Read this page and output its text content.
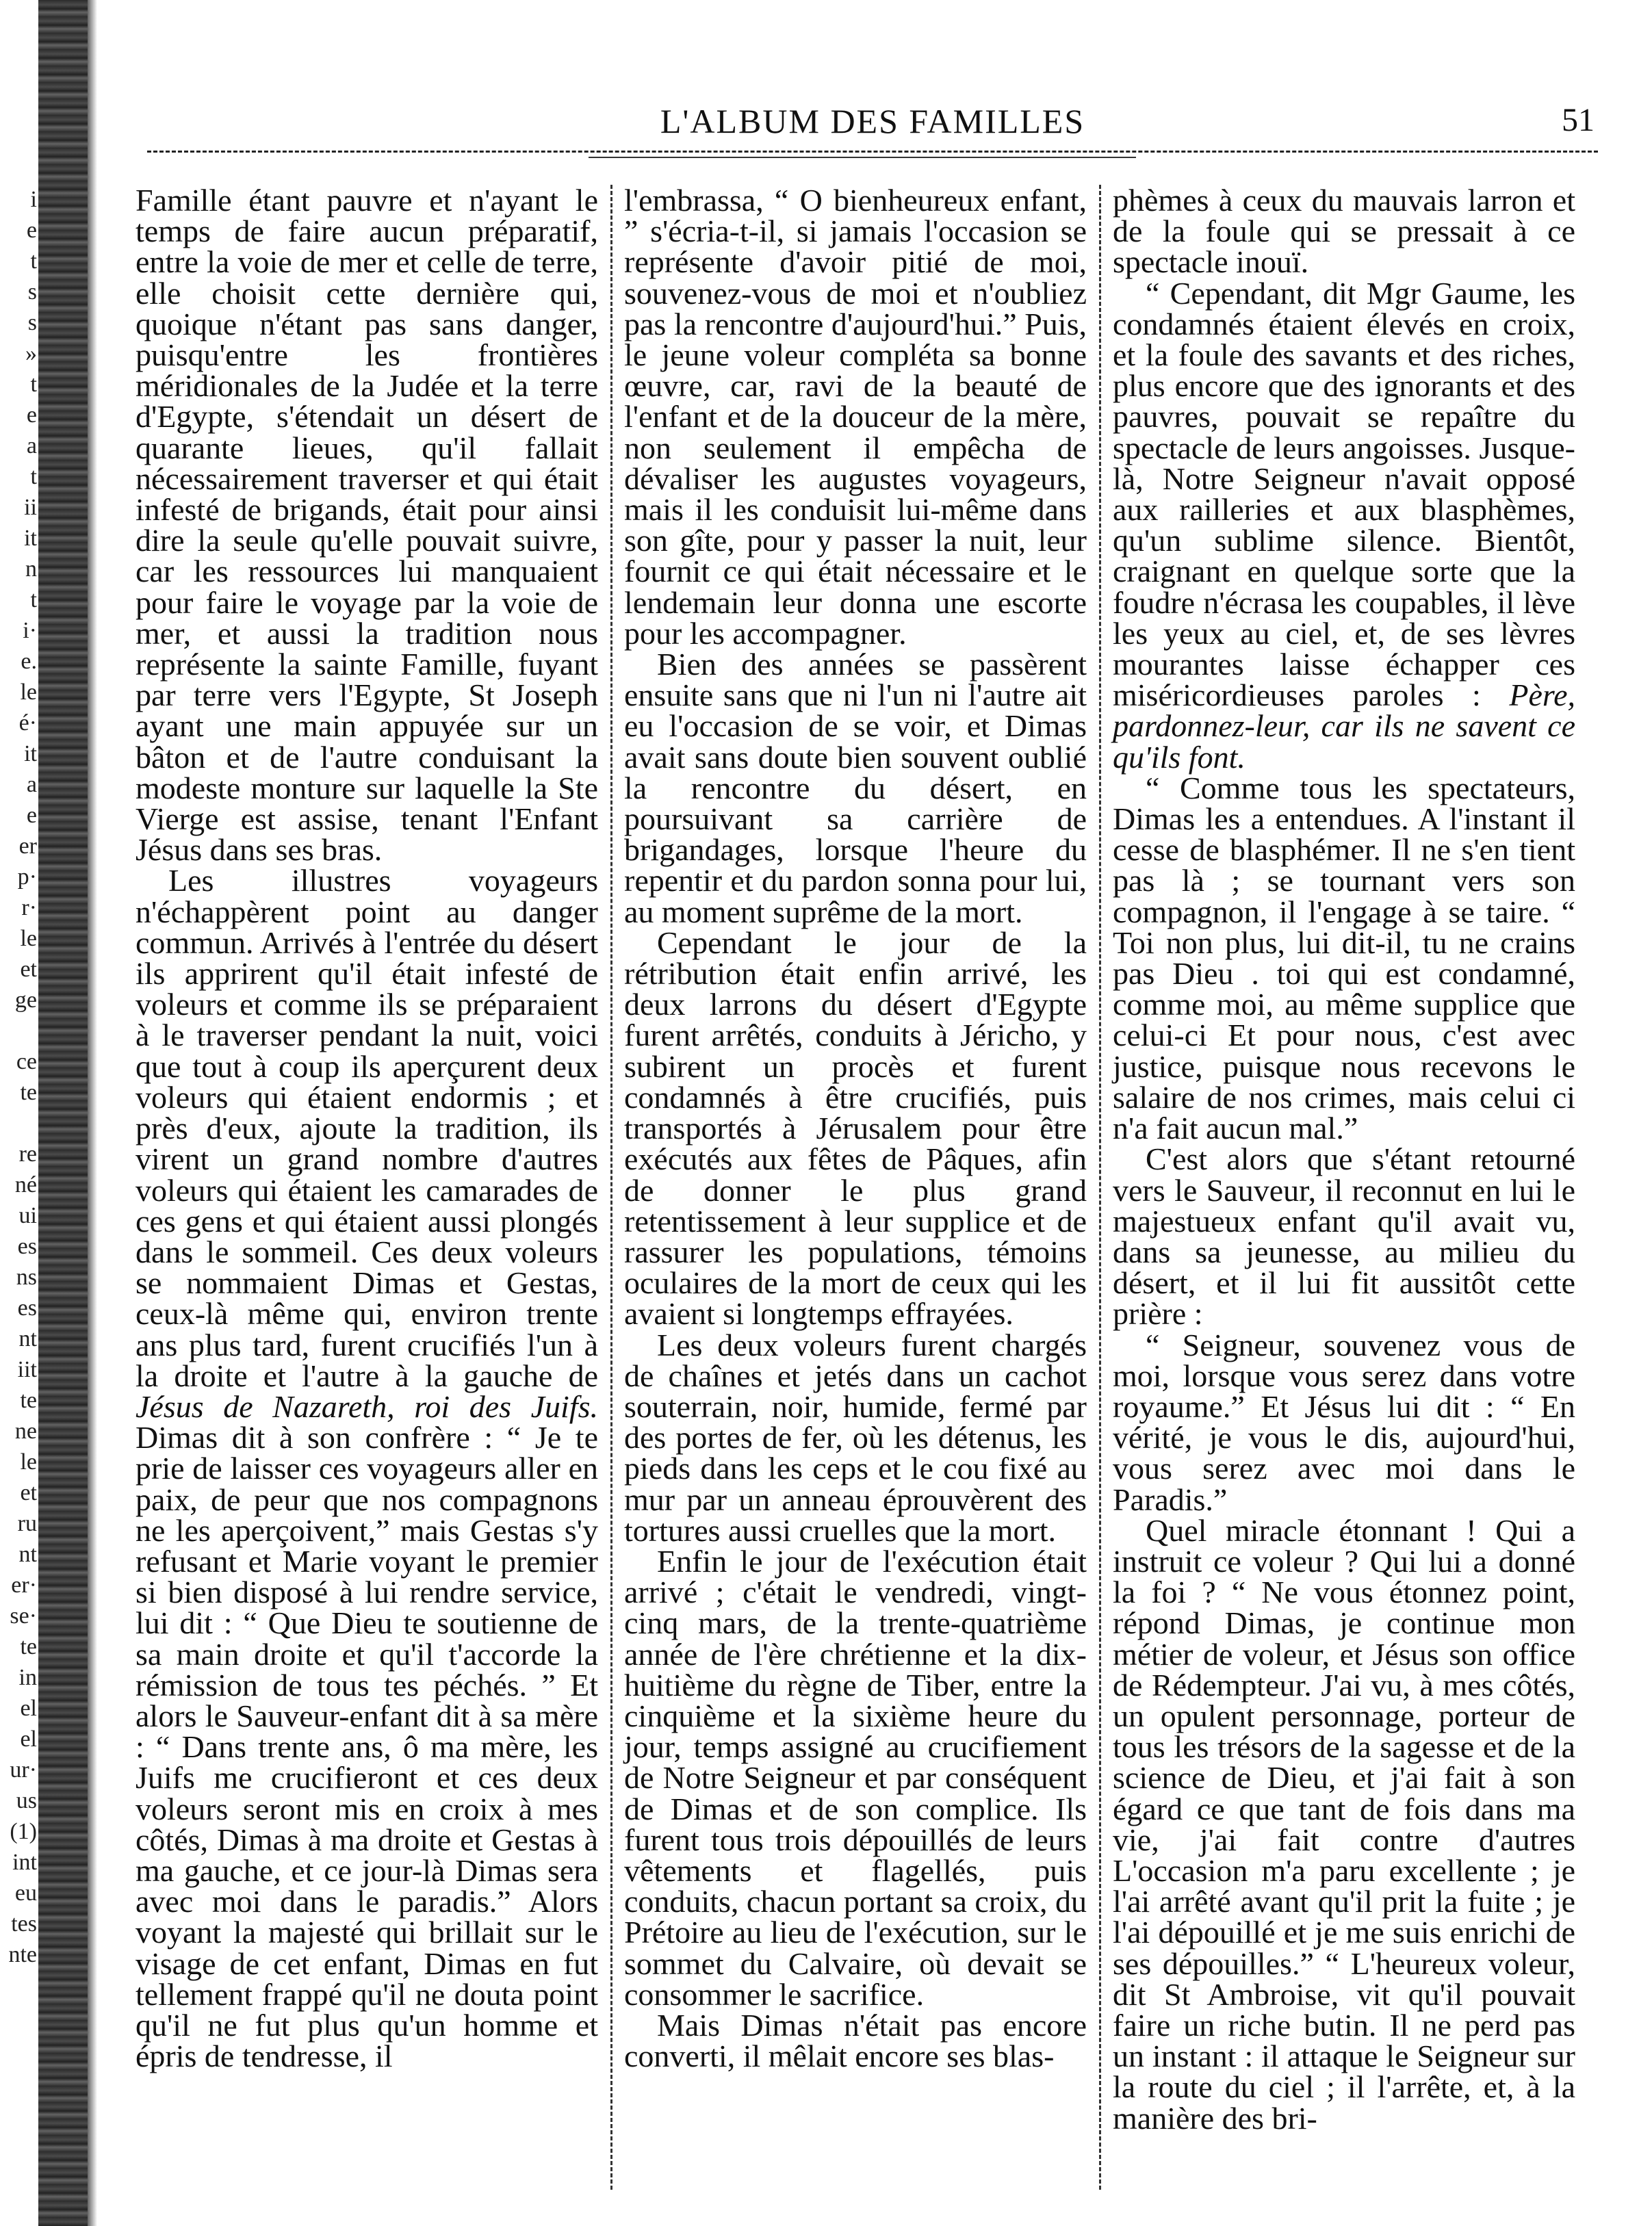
i
e
t
s
s
»
t
e
a
t
ii
it
n
t
i·
e.
le
é·
it
a
e
er
p·
r·
le
et
ge
ce
te
re
né
ui
es
ns
es
nt
iit
te
ne
le
et
ru
nt
er·
se·
te
in
el
el
ur·
us
(1)
int
eu
tes
nte
L'ALBUM DES FAMILLES	51

Famille étant pauvre et n'ayant le temps de faire aucun préparatif, entre la voie de mer et celle de terre, elle choisit cette dernière qui, quoique n'étant pas sans danger, puisqu'entre les frontières méridionales de la Judée et la terre d'Egypte, s'étendait un désert de quarante lieues, qu'il fallait nécessairement traverser et qui était infesté de brigands, était pour ainsi dire la seule qu'elle pouvait suivre, car les ressources lui manquaient pour faire le voyage par la voie de mer, et aussi la tradition nous représente la sainte Famille, fuyant par terre vers l'Egypte, St Joseph ayant une main appuyée sur un bâton et de l'autre conduisant la modeste monture sur laquelle la Ste Vierge est assise, tenant l'Enfant Jésus dans ses bras.

Les illustres voyageurs n'échappèrent point au danger commun. Arrivés à l'entrée du désert ils apprirent qu'il était infesté de voleurs et comme ils se préparaient à le traverser pendant la nuit, voici que tout à coup ils aperçurent deux voleurs qui étaient endormis ; et près d'eux, ajoute la tradition, ils virent un grand nombre d'autres voleurs qui étaient les camarades de ces gens et qui étaient aussi plongés dans le sommeil. Ces deux voleurs se nommaient Dimas et Gestas, ceux-là même qui, environ trente ans plus tard, furent crucifiés l'un à la droite et l'autre à la gauche de Jésus de Nazareth, roi des Juifs. Dimas dit à son confrère : “ Je te prie de laisser ces voyageurs aller en paix, de peur que nos compagnons ne les aperçoivent,” mais Gestas s'y refusant et Marie voyant le premier si bien disposé à lui rendre service, lui dit : “ Que Dieu te soutienne de sa main droite et qu'il t'accorde la rémission de tous tes péchés. ” Et alors le Sauveur-enfant dit à sa mère : “ Dans trente ans, ô ma mère, les Juifs me crucifieront et ces deux voleurs seront mis en croix à mes côtés, Dimas à ma droite et Gestas à ma gauche, et ce jour-là Dimas sera avec moi dans le paradis.” Alors voyant la majesté qui brillait sur le visage de cet enfant, Dimas en fut tellement frappé qu'il ne douta point qu'il ne fut plus qu'un homme et épris de tendresse, il

l'embrassa, “ O bienheureux enfant, ” s'écria-t-il, si jamais l'occasion se représente d'avoir pitié de moi, souvenez-vous de moi et n'oubliez pas la rencontre d'aujourd'hui.” Puis, le jeune voleur compléta sa bonne œuvre, car, ravi de la beauté de l'enfant et de la douceur de la mère, non seulement il empêcha de dévaliser les augustes voyageurs, mais il les conduisit lui-même dans son gîte, pour y passer la nuit, leur fournit ce qui était nécessaire et le lendemain leur donna une escorte pour les accompagner.

Bien des années se passèrent ensuite sans que ni l'un ni l'autre ait eu l'occasion de se voir, et Dimas avait sans doute bien souvent oublié la rencontre du désert, en poursuivant sa carrière de brigandages, lorsque l'heure du repentir et du pardon sonna pour lui, au moment suprême de la mort.

Cependant le jour de la rétribution était enfin arrivé, les deux larrons du désert d'Egypte furent arrêtés, conduits à Jéricho, y subirent un procès et furent condamnés à être crucifiés, puis transportés à Jérusalem pour être exécutés aux fêtes de Pâques, afin de donner le plus grand retentissement à leur supplice et de rassurer les populations, témoins oculaires de la mort de ceux qui les avaient si longtemps effrayées.

Les deux voleurs furent chargés de chaînes et jetés dans un cachot souterrain, noir, humide, fermé par des portes de fer, où les détenus, les pieds dans les ceps et le cou fixé au mur par un anneau éprouvèrent des tortures aussi cruelles que la mort.

Enfin le jour de l'exécution était arrivé ; c'était le vendredi, vingt-cinq mars, de la trente-quatrième année de l'ère chrétienne et la dix-huitième du règne de Tiber, entre la cinquième et la sixième heure du jour, temps assigné au crucifiement de Notre Seigneur et par conséquent de Dimas et de son complice. Ils furent tous trois dépouillés de leurs vêtements et flagellés, puis conduits, chacun portant sa croix, du Prétoire au lieu de l'exécution, sur le sommet du Calvaire, où devait se consommer le sacrifice.

Mais Dimas n'était pas encore converti, il mêlait encore ses blas-

phèmes à ceux du mauvais larron et de la foule qui se pressait à ce spectacle inouï.

“ Cependant, dit Mgr Gaume, les condamnés étaient élevés en croix, et la foule des savants et des riches, plus encore que des ignorants et des pauvres, pouvait se repaître du spectacle de leurs angoisses. Jusque-là, Notre Seigneur n'avait opposé aux railleries et aux blasphèmes, qu'un sublime silence. Bientôt, craignant en quelque sorte que la foudre n'écrasa les coupables, il lève les yeux au ciel, et, de ses lèvres mourantes laisse échapper ces miséricordieuses paroles : Père, pardonnez-leur, car ils ne savent ce qu'ils font.

“ Comme tous les spectateurs, Dimas les a entendues. A l'instant il cesse de blasphémer. Il ne s'en tient pas là ; se tournant vers son compagnon, il l'engage à se taire. “ Toi non plus, lui dit-il, tu ne crains pas Dieu . toi qui est condamné, comme moi, au même supplice que celui-ci Et pour nous, c'est avec justice, puisque nous recevons le salaire de nos crimes, mais celui ci n'a fait aucun mal.”

C'est alors que s'étant retourné vers le Sauveur, il reconnut en lui le majestueux enfant qu'il avait vu, dans sa jeunesse, au milieu du désert, et il lui fit aussitôt cette prière :

“ Seigneur, souvenez vous de moi, lorsque vous serez dans votre royaume.” Et Jésus lui dit : “ En vérité, je vous le dis, aujourd'hui, vous serez avec moi dans le Paradis.”

Quel miracle étonnant ! Qui a instruit ce voleur ? Qui lui a donné la foi ? “ Ne vous étonnez point, répond Dimas, je continue mon métier de voleur, et Jésus son office de Rédempteur. J'ai vu, à mes côtés, un opulent personnage, porteur de tous les trésors de la sagesse et de la science de Dieu, et j'ai fait à son égard ce que tant de fois dans ma vie, j'ai fait contre d'autres L'occasion m'a paru excellente ; je l'ai arrêté avant qu'il prit la fuite ; je l'ai dépouillé et je me suis enrichi de ses dépouilles.” “ L'heureux voleur, dit St Ambroise, vit qu'il pouvait faire un riche butin. Il ne perd pas un instant : il attaque le Seigneur sur la route du ciel ; il l'arrête, et, à la manière des bri-
